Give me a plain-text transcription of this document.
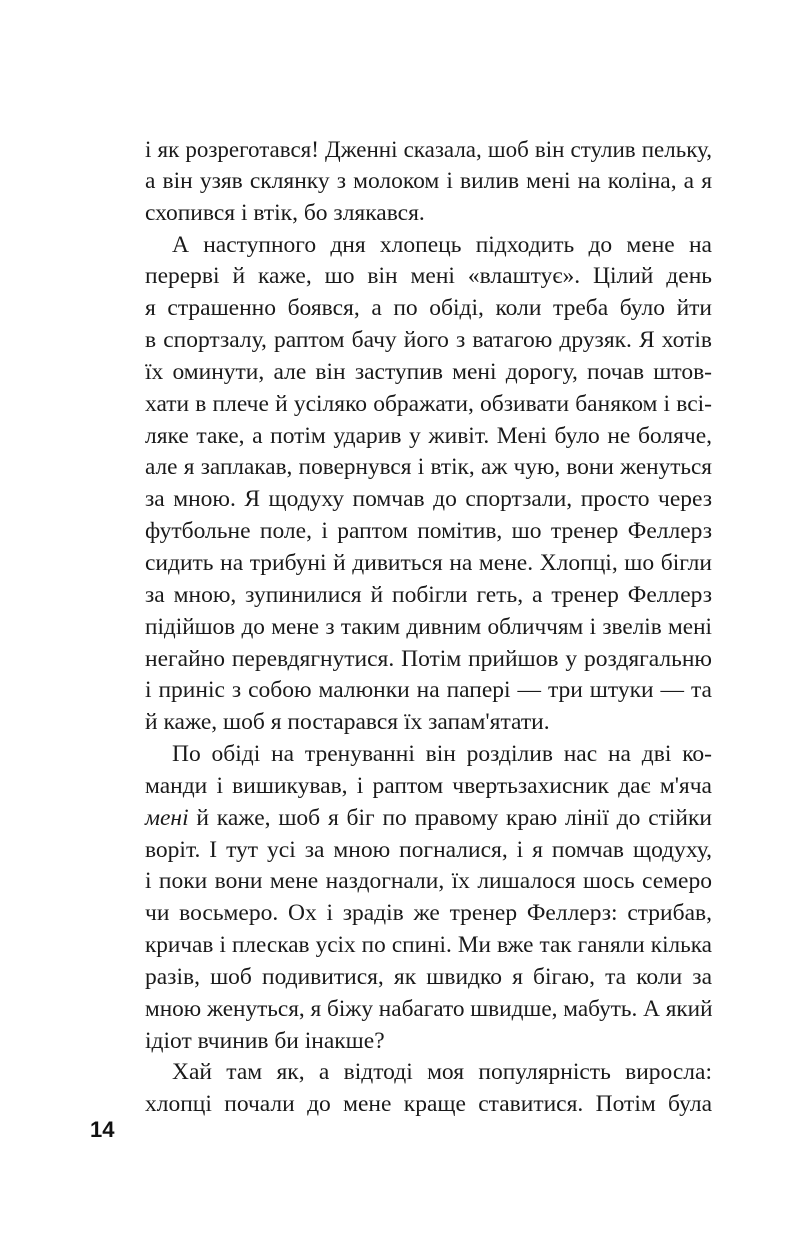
і як розреготався! Дженні сказала, шоб він стулив пельку,
а він узяв склянку з молоком і вилив мені на коліна, а я
схопився і втік, бо злякався.
А наступного дня хлопець підходить до мене на
перерві й каже, шо він мені «влаштує». Цілий день
я страшенно боявся, а по обіді, коли треба було йти
в спортзалу, раптом бачу його з ватагою друзяк. Я хотів
їх оминути, але він заступив мені дорогу, почав штов-
хати в плече й усіляко ображати, обзивати баняком і всі-
ляке таке, а потім ударив у живіт. Мені було не боляче,
але я заплакав, повернувся і втік, аж чую, вони женуться
за мною. Я щодуху помчав до спортзали, просто через
футбольне поле, і раптом помітив, шо тренер Феллерз
сидить на трибуні й дивиться на мене. Хлопці, шо бігли
за мною, зупинилися й побігли геть, а тренер Феллерз
підійшов до мене з таким дивним обличчям і звелів мені
негайно перевдягнутися. Потім прийшов у роздягальню
і приніс з собою малюнки на папері — три штуки — та
й каже, шоб я постарався їх запам'ятати.
По обіді на тренуванні він розділив нас на дві ко-
манди і вишикував, і раптом чвертьзахисник дає м'яча
мені й каже, шоб я біг по правому краю лінії до стійки
воріт. І тут усі за мною погналися, і я помчав щодуху,
і поки вони мене наздогнали, їх лишалося шось семеро
чи восьмеро. Ох і зрадів же тренер Феллерз: стрибав,
кричав і плескав усіх по спині. Ми вже так ганяли кілька
разів, шоб подивитися, як швидко я бігаю, та коли за
мною женуться, я біжу набагато швидше, мабуть. А який
ідіот вчинив би інакше?
Хай там як, а відтоді моя популярність виросла:
хлопці почали до мене краще ставитися. Потім була
14
